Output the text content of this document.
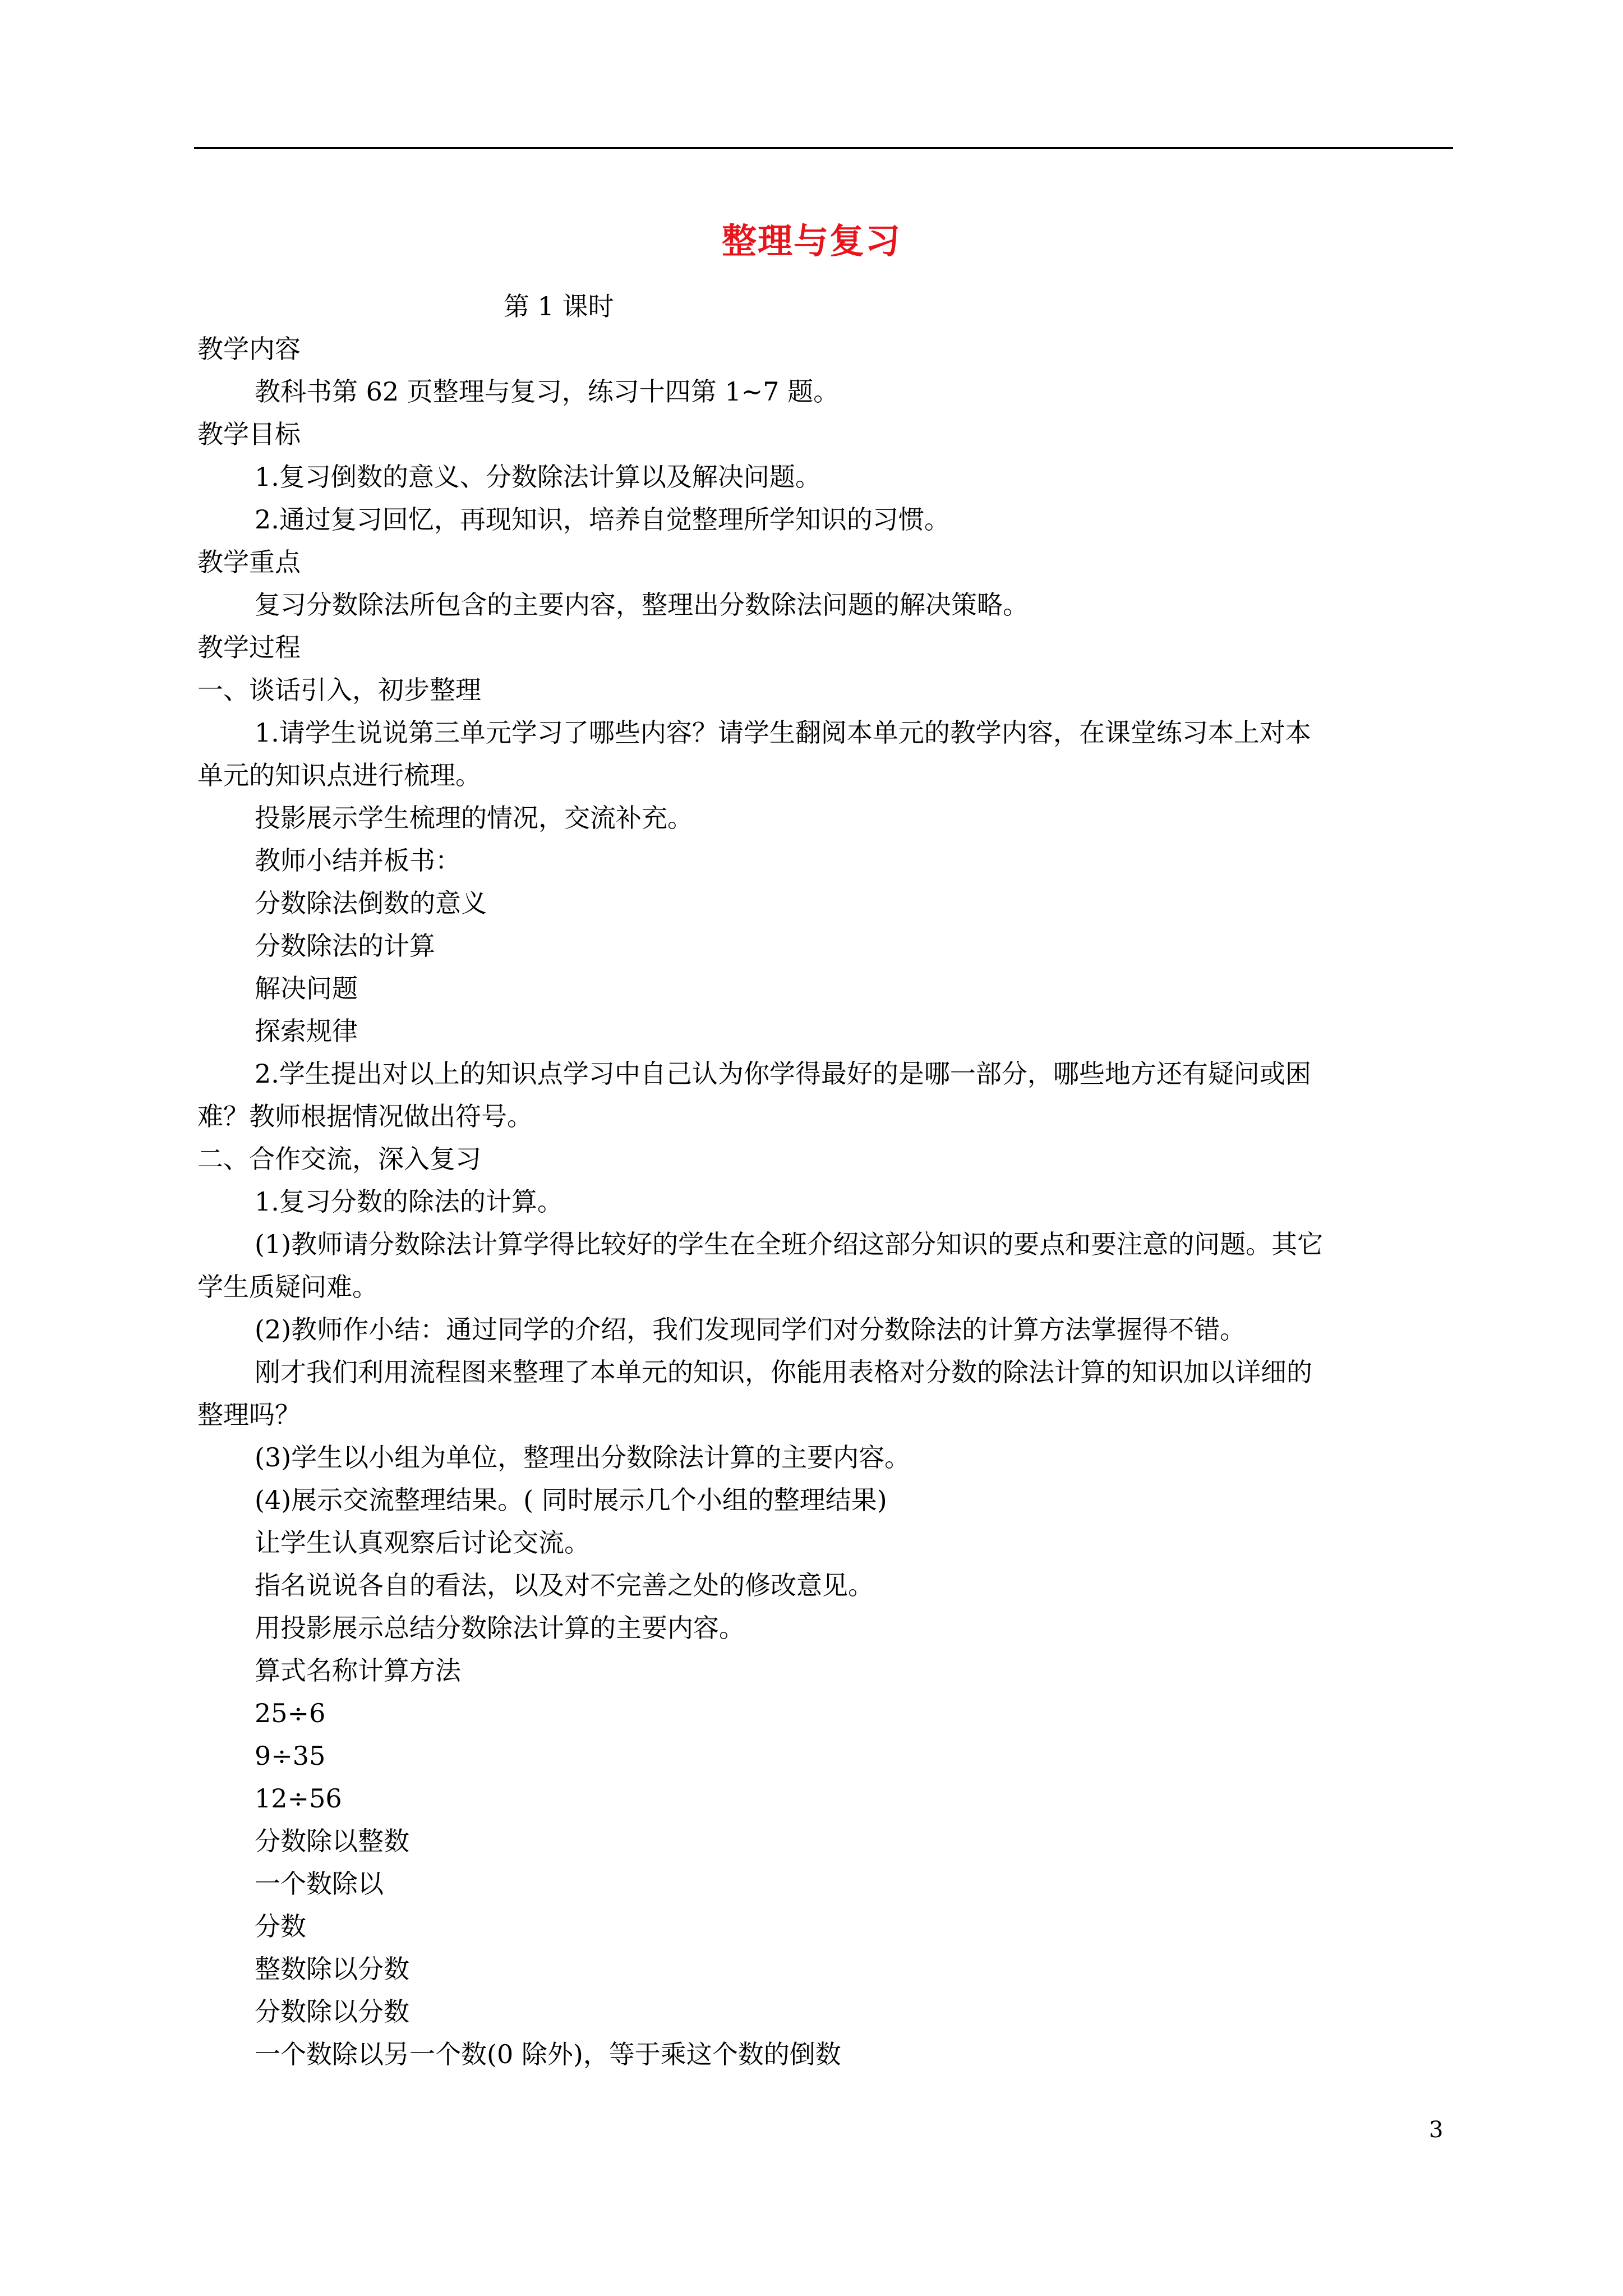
整理与复习
第 1 课时
教学内容
教科书第 62 页整理与复习，练习十四第 1~7 题。
教学目标
1.复习倒数的意义、分数除法计算以及解决问题。
2.通过复习回忆，再现知识，培养自觉整理所学知识的习惯。
教学重点
复习分数除法所包含的主要内容，整理出分数除法问题的解决策略。
教学过程
一、谈话引入，初步整理
1.请学生说说第三单元学习了哪些内容？请学生翻阅本单元的教学内容，在课堂练习本上对本
单元的知识点进行梳理。
投影展示学生梳理的情况，交流补充。
教师小结并板书：
分数除法倒数的意义
分数除法的计算
解决问题
探索规律
2.学生提出对以上的知识点学习中自己认为你学得最好的是哪一部分，哪些地方还有疑问或困
难？教师根据情况做出符号。
二、合作交流，深入复习
1.复习分数的除法的计算。
(1)教师请分数除法计算学得比较好的学生在全班介绍这部分知识的要点和要注意的问题。其它
学生质疑问难。
(2)教师作小结：通过同学的介绍，我们发现同学们对分数除法的计算方法掌握得不错。
刚才我们利用流程图来整理了本单元的知识，你能用表格对分数的除法计算的知识加以详细的
整理吗？
(3)学生以小组为单位，整理出分数除法计算的主要内容。
(4)展示交流整理结果。( 同时展示几个小组的整理结果)
让学生认真观察后讨论交流。
指名说说各自的看法，以及对不完善之处的修改意见。
用投影展示总结分数除法计算的主要内容。
算式名称计算方法
25÷6
9÷35
12÷56
分数除以整数
一个数除以
分数
整数除以分数
分数除以分数
一个数除以另一个数(0 除外)，等于乘这个数的倒数
3
